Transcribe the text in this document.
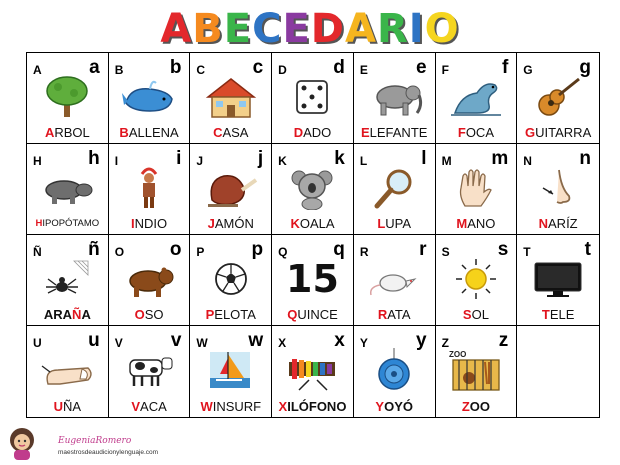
ABECEDARIO
A a
ARBOL
B b
BALLENA
C c
CASA
D d
DADO
E	e
ELEFANTE
F	f
FOCA
G g
GUITARRA
H h
HIPOPÓTAMO
I	i
INDIO
J	j
JAMÓN
K k
KOALA
L	l
LUPA
M m
MANO
N n
NARÍZ
Ñ ñ
ARAÑA
O o
OSO
P p
PELOTA
Q q
15
QUINCE
R	r
RATA
S	s
SOL
T	t
TELE
U u
UÑA
V	v
VACA
W w
WINSURF
X	x
XILÓFONO
Y	y
YOYÓ
Z	z
ZOO
ZOO
EugeniaRomero
maestrosdeaudicionylenguaje.com
